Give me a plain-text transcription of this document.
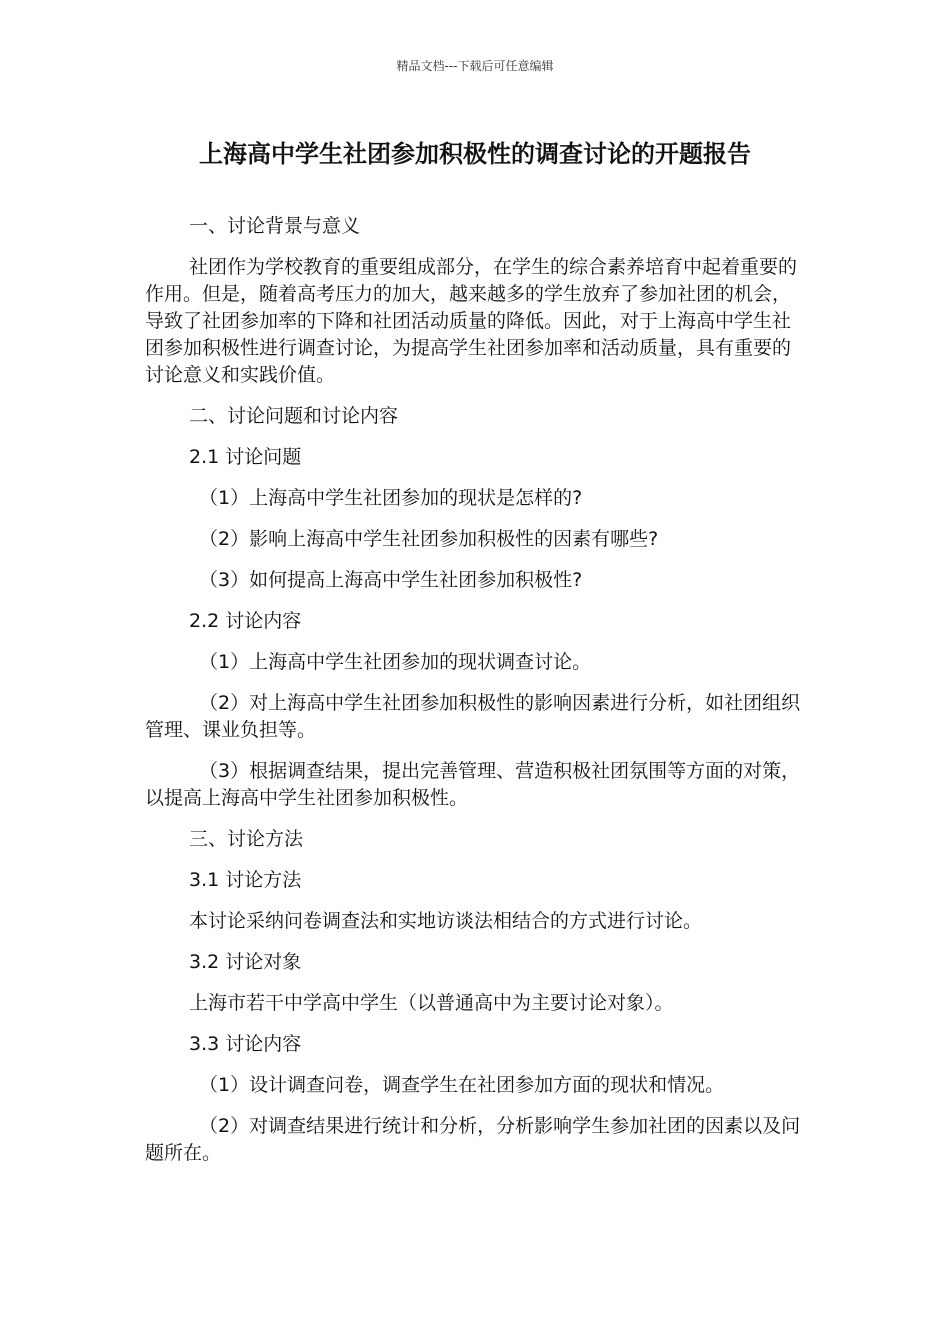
精品文档---下载后可任意编辑
上海高中学生社团参加积极性的调查讨论的开题报告

一、讨论背景与意义

社团作为学校教育的重要组成部分，在学生的综合素养培育中起着重要的作用。但是，随着高考压力的加大，越来越多的学生放弃了参加社团的机会，导致了社团参加率的下降和社团活动质量的降低。因此，对于上海高中学生社团参加积极性进行调查讨论，为提高学生社团参加率和活动质量，具有重要的讨论意义和实践价值。

二、讨论问题和讨论内容

2.1 讨论问题

（1）上海高中学生社团参加的现状是怎样的?

（2）影响上海高中学生社团参加积极性的因素有哪些?

（3）如何提高上海高中学生社团参加积极性?

2.2 讨论内容

（1）上海高中学生社团参加的现状调查讨论。

（2）对上海高中学生社团参加积极性的影响因素进行分析，如社团组织管理、课业负担等。

（3）根据调查结果，提出完善管理、营造积极社团氛围等方面的对策，以提高上海高中学生社团参加积极性。

三、讨论方法

3.1 讨论方法

本讨论采纳问卷调查法和实地访谈法相结合的方式进行讨论。

3.2 讨论对象

上海市若干中学高中学生（以普通高中为主要讨论对象）。

3.3 讨论内容

（1）设计调查问卷，调查学生在社团参加方面的现状和情况。

（2）对调查结果进行统计和分析，分析影响学生参加社团的因素以及问题所在。
